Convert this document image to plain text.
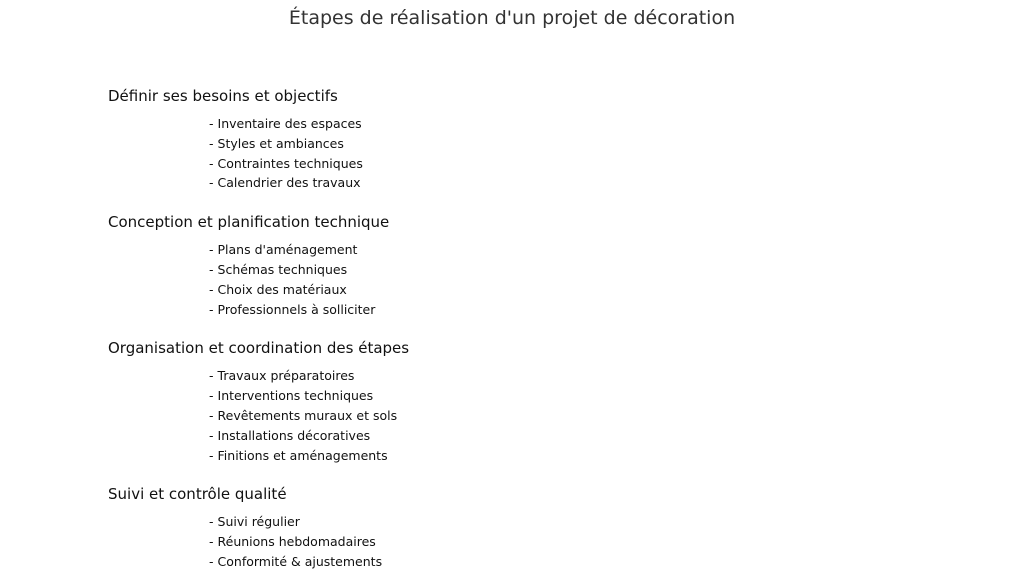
Étapes de réalisation d'un projet de décoration
Définir ses besoins et objectifs
- Inventaire des espaces
- Styles et ambiances
- Contraintes techniques
- Calendrier des travaux
Conception et planification technique
- Plans d'aménagement
- Schémas techniques
- Choix des matériaux
- Professionnels à solliciter
Organisation et coordination des étapes
- Travaux préparatoires
- Interventions techniques
- Revêtements muraux et sols
- Installations décoratives
- Finitions et aménagements
Suivi et contrôle qualité
- Suivi régulier
- Réunions hebdomadaires
- Conformité & ajustements
